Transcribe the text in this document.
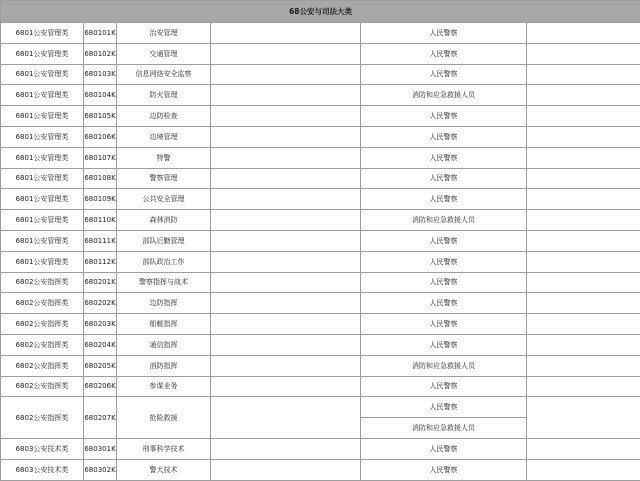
68公安与司法大类						
6801公安管理类	680101K	治安管理		人民警察		
6801公安管理类	680102K	交通管理		人民警察		
6801公安管理类	680103K	信息网络安全监察		人民警察		
6801公安管理类	680104K	防火管理		消防和应急救援人员		
6801公安管理类	680105K	边防检查		人民警察		
6801公安管理类	680106K	边境管理		人民警察		
6801公安管理类	680107K	特警		人民警察		
6801公安管理类	680108K	警察管理		人民警察		
6801公安管理类	680109K	公共安全管理		人民警察		
6801公安管理类	680110K	森林消防		消防和应急救援人员		
6801公安管理类	680111K	部队后勤管理		人民警察		
6801公安管理类	680112K	部队政治工作		人民警察		
6802公安指挥类	680201K	警察指挥与战术		人民警察		
6802公安指挥类	680202K	边防指挥		人民警察		
6802公安指挥类	680203K	船艇指挥		人民警察		
6802公安指挥类	680204K	通信指挥		人民警察		
6802公安指挥类	680205K	消防指挥		消防和应急救援人员		
6802公安指挥类	680206K	参谋业务		人民警察		
6802公安指挥类	680207K	抢险救援		人民警察		
				消防和应急救援人员		
6803公安技术类	680301K	刑事科学技术		人民警察		
6803公安技术类	680302K	警犬技术		人民警察		
